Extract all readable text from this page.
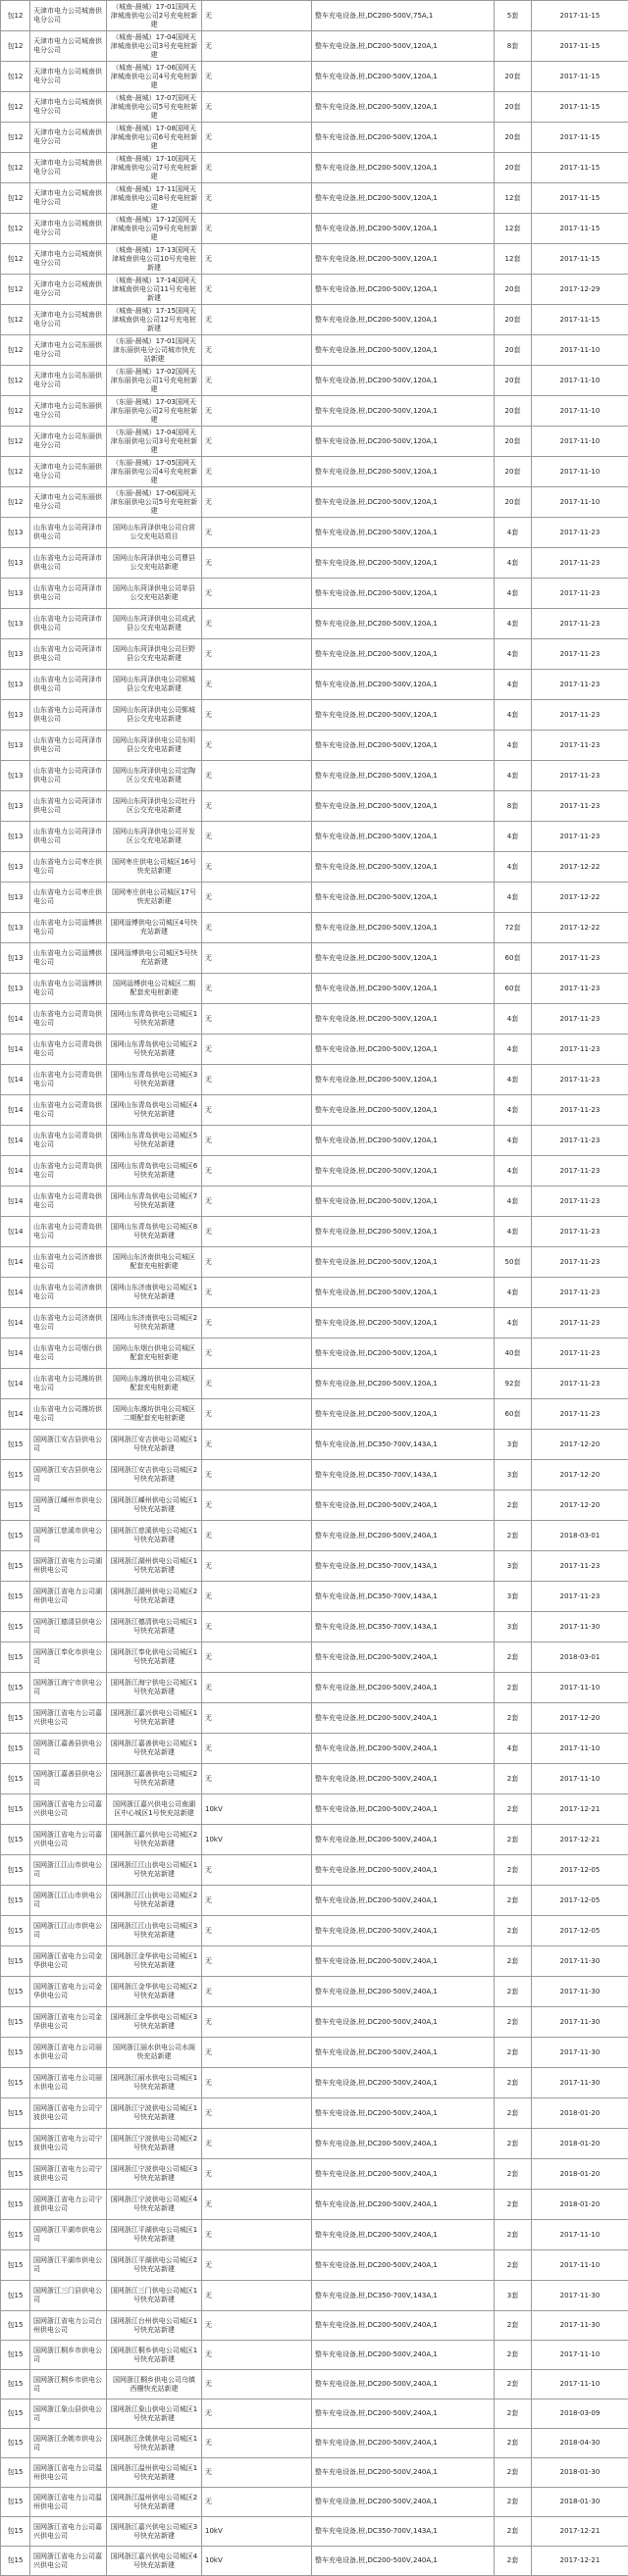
包12	天津市电力公司城南供电分公司	（城南-晨城）17-01国网天津城南供电公司2号充电桩新建	无	整车充电设备,桩,DC200-500V,75A,1	5套	2017-11-15
包12	天津市电力公司城南供电分公司	（城南-晨城）17-04国网天津城南供电公司3号充电桩新建	无	整车充电设备,桩,DC200-500V,120A,1	8套	2017-11-15
包12	天津市电力公司城南供电分公司	（城南-晨城）17-06国网天津城南供电公司4号充电桩新建	无	整车充电设备,桩,DC200-500V,120A,1	20套	2017-11-15
包12	天津市电力公司城南供电分公司	（城南-晨城）17-07国网天津城南供电公司5号充电桩新建	无	整车充电设备,桩,DC200-500V,120A,1	20套	2017-11-15
包12	天津市电力公司城南供电分公司	（城南-晨城）17-08国网天津城南供电公司6号充电桩新建	无	整车充电设备,桩,DC200-500V,120A,1	20套	2017-11-15
包12	天津市电力公司城南供电分公司	（城南-晨城）17-10国网天津城南供电公司7号充电桩新建	无	整车充电设备,桩,DC200-500V,120A,1	20套	2017-11-15
包12	天津市电力公司城南供电分公司	（城南-晨城）17-11国网天津城南供电公司8号充电桩新建	无	整车充电设备,桩,DC200-500V,120A,1	12套	2017-11-15
包12	天津市电力公司城南供电分公司	（城南-晨城）17-12国网天津城南供电公司9号充电桩新建	无	整车充电设备,桩,DC200-500V,120A,1	12套	2017-11-15
包12	天津市电力公司城南供电分公司	（城南-晨城）17-13国网天津城南供电公司10号充电桩新建	无	整车充电设备,桩,DC200-500V,120A,1	12套	2017-11-15
包12	天津市电力公司城南供电分公司	（城南-晨城）17-14国网天津城南供电公司11号充电桩新建	无	整车充电设备,桩,DC200-500V,120A,1	20套	2017-12-29
包12	天津市电力公司城南供电分公司	（城南-晨城）17-15国网天津城南供电公司12号充电桩新建	无	整车充电设备,桩,DC200-500V,120A,1	20套	2017-11-15
包12	天津市电力公司东丽供电分公司	（东丽-晨城）17-01国网天津东丽供电分公司城市快充站新建	无	整车充电设备,桩,DC200-500V,120A,1	20套	2017-11-10
包12	天津市电力公司东丽供电分公司	（东丽-晨城）17-02国网天津东丽供电公司1号充电桩新建	无	整车充电设备,桩,DC200-500V,120A,1	20套	2017-11-10
包12	天津市电力公司东丽供电分公司	（东丽-晨城）17-03国网天津东丽供电公司2号充电桩新建	无	整车充电设备,桩,DC200-500V,120A,1	20套	2017-11-10
包12	天津市电力公司东丽供电分公司	（东丽-晨城）17-04国网天津东丽供电公司3号充电桩新建	无	整车充电设备,桩,DC200-500V,120A,1	20套	2017-11-10
包12	天津市电力公司东丽供电分公司	（东丽-晨城）17-05国网天津东丽供电公司4号充电桩新建	无	整车充电设备,桩,DC200-500V,120A,1	20套	2017-11-10
包12	天津市电力公司东丽供电分公司	（东丽-晨城）17-06国网天津东丽供电公司5号充电桩新建	无	整车充电设备,桩,DC200-500V,120A,1	20套	2017-11-10
包13	山东省电力公司菏泽市供电公司	国网山东菏泽供电公司自营公交充电站项目	无	整车充电设备,桩,DC200-500V,120A,1	4套	2017-11-23
包13	山东省电力公司菏泽市供电公司	国网山东菏泽供电公司曹县公交充电站新建	无	整车充电设备,桩,DC200-500V,120A,1	4套	2017-11-23
包13	山东省电力公司菏泽市供电公司	国网山东菏泽供电公司单县公交充电站新建	无	整车充电设备,桩,DC200-500V,120A,1	4套	2017-11-23
包13	山东省电力公司菏泽市供电公司	国网山东菏泽供电公司成武县公交充电站新建	无	整车充电设备,桩,DC200-500V,120A,1	4套	2017-11-23
包13	山东省电力公司菏泽市供电公司	国网山东菏泽供电公司巨野县公交充电站新建	无	整车充电设备,桩,DC200-500V,120A,1	4套	2017-11-23
包13	山东省电力公司菏泽市供电公司	国网山东菏泽供电公司郓城县公交充电站新建	无	整车充电设备,桩,DC200-500V,120A,1	4套	2017-11-23
包13	山东省电力公司菏泽市供电公司	国网山东菏泽供电公司鄄城县公交充电站新建	无	整车充电设备,桩,DC200-500V,120A,1	4套	2017-11-23
包13	山东省电力公司菏泽市供电公司	国网山东菏泽供电公司东明县公交充电站新建	无	整车充电设备,桩,DC200-500V,120A,1	4套	2017-11-23
包13	山东省电力公司菏泽市供电公司	国网山东菏泽供电公司定陶区公交充电站新建	无	整车充电设备,桩,DC200-500V,120A,1	4套	2017-11-23
包13	山东省电力公司菏泽市供电公司	国网山东菏泽供电公司牡丹区公交充电站新建	无	整车充电设备,桩,DC200-500V,120A,1	8套	2017-11-23
包13	山东省电力公司菏泽市供电公司	国网山东菏泽供电公司开发区公交充电站新建	无	整车充电设备,桩,DC200-500V,120A,1	4套	2017-11-23
包13	山东省电力公司枣庄供电公司	国网枣庄供电公司城区16号快充站新建	无	整车充电设备,桩,DC200-500V,120A,1	4套	2017-12-22
包13	山东省电力公司枣庄供电公司	国网枣庄供电公司城区17号快充站新建	无	整车充电设备,桩,DC200-500V,120A,1	4套	2017-12-22
包13	山东省电力公司淄博供电公司	国网淄博供电公司城区4号快充站新建	无	整车充电设备,桩,DC200-500V,120A,1	72套	2017-12-22
包13	山东省电力公司淄博供电公司	国网淄博供电公司城区5号快充站新建	无	整车充电设备,桩,DC200-500V,120A,1	60套	2017-11-23
包13	山东省电力公司淄博供电公司	国网淄博供电公司城区二期配套充电桩新建	无	整车充电设备,桩,DC200-500V,120A,1	60套	2017-11-23
包14	山东省电力公司青岛供电公司	国网山东青岛供电公司城区1号快充站新建	无	整车充电设备,桩,DC200-500V,120A,1	4套	2017-11-23
包14	山东省电力公司青岛供电公司	国网山东青岛供电公司城区2号快充站新建	无	整车充电设备,桩,DC200-500V,120A,1	4套	2017-11-23
包14	山东省电力公司青岛供电公司	国网山东青岛供电公司城区3号快充站新建	无	整车充电设备,桩,DC200-500V,120A,1	4套	2017-11-23
包14	山东省电力公司青岛供电公司	国网山东青岛供电公司城区4号快充站新建	无	整车充电设备,桩,DC200-500V,120A,1	4套	2017-11-23
包14	山东省电力公司青岛供电公司	国网山东青岛供电公司城区5号快充站新建	无	整车充电设备,桩,DC200-500V,120A,1	4套	2017-11-23
包14	山东省电力公司青岛供电公司	国网山东青岛供电公司城区6号快充站新建	无	整车充电设备,桩,DC200-500V,120A,1	4套	2017-11-23
包14	山东省电力公司青岛供电公司	国网山东青岛供电公司城区7号快充站新建	无	整车充电设备,桩,DC200-500V,120A,1	4套	2017-11-23
包14	山东省电力公司青岛供电公司	国网山东青岛供电公司城区8号快充站新建	无	整车充电设备,桩,DC200-500V,120A,1	4套	2017-11-23
包14	山东省电力公司济南供电公司	国网山东济南供电公司城区配套充电桩新建	无	整车充电设备,桩,DC200-500V,120A,1	50套	2017-11-23
包14	山东省电力公司济南供电公司	国网山东济南供电公司城区1号快充站新建	无	整车充电设备,桩,DC200-500V,120A,1	4套	2017-11-23
包14	山东省电力公司济南供电公司	国网山东济南供电公司城区2号快充站新建	无	整车充电设备,桩,DC200-500V,120A,1	4套	2017-11-23
包14	山东省电力公司烟台供电公司	国网山东烟台供电公司城区配套充电桩新建	无	整车充电设备,桩,DC200-500V,120A,1	40套	2017-11-23
包14	山东省电力公司潍坊供电公司	国网山东潍坊供电公司城区配套充电桩新建	无	整车充电设备,桩,DC200-500V,120A,1	92套	2017-11-23
包14	山东省电力公司潍坊供电公司	国网山东潍坊供电公司城区二期配套充电桩新建	无	整车充电设备,桩,DC200-500V,120A,1	60套	2017-11-23
包15	国网浙江安吉县供电公司	国网浙江安吉供电公司城区1号快充站新建	无	整车充电设备,桩,DC350-700V,143A,1	3套	2017-12-20
包15	国网浙江安吉县供电公司	国网浙江安吉供电公司城区2号快充站新建	无	整车充电设备,桩,DC350-700V,143A,1	3套	2017-12-20
包15	国网浙江嵊州市供电公司	国网浙江嵊州供电公司城区1号快充站新建	无	整车充电设备,桩,DC200-500V,240A,1	2套	2017-12-20
包15	国网浙江慈溪市供电公司	国网浙江慈溪供电公司城区1号快充站新建	无	整车充电设备,桩,DC200-500V,240A,1	2套	2018-03-01
包15	国网浙江省电力公司湖州供电公司	国网浙江湖州供电公司城区1号快充站新建	无	整车充电设备,桩,DC350-700V,143A,1	3套	2017-11-23
包15	国网浙江省电力公司湖州供电公司	国网浙江湖州供电公司城区2号快充站新建	无	整车充电设备,桩,DC350-700V,143A,1	3套	2017-11-23
包15	国网浙江德清县供电公司	国网浙江德清供电公司城区1号快充站新建	无	整车充电设备,桩,DC350-700V,143A,1	3套	2017-11-30
包15	国网浙江奉化市供电公司	国网浙江奉化供电公司城区1号快充站新建	无	整车充电设备,桩,DC200-500V,240A,1	2套	2018-03-01
包15	国网浙江海宁市供电公司	国网浙江海宁供电公司城区1号快充站新建	无	整车充电设备,桩,DC200-500V,240A,1	2套	2017-11-10
包15	国网浙江省电力公司嘉兴供电公司	国网浙江嘉兴供电公司城区1号快充站新建	无	整车充电设备,桩,DC200-500V,240A,1	2套	2017-12-20
包15	国网浙江嘉善县供电公司	国网浙江嘉善供电公司城区1号快充站新建	无	整车充电设备,桩,DC200-500V,240A,1	4套	2017-11-10
包15	国网浙江嘉善县供电公司	国网浙江嘉善供电公司城区2号快充站新建	无	整车充电设备,桩,DC200-500V,240A,1	2套	2017-11-10
包15	国网浙江省电力公司嘉兴供电公司	国网浙江嘉兴供电公司南湖区中心城区1号快充站新建	10kV	整车充电设备,桩,DC200-500V,240A,1	2套	2017-12-21
包15	国网浙江省电力公司嘉兴供电公司	国网浙江嘉兴供电公司城区2号快充站新建	10kV	整车充电设备,桩,DC200-500V,240A,1	2套	2017-12-21
包15	国网浙江江山市供电公司	国网浙江江山供电公司城区1号快充站新建	无	整车充电设备,桩,DC200-500V,240A,1	2套	2017-12-05
包15	国网浙江江山市供电公司	国网浙江江山供电公司城区2号快充站新建	无	整车充电设备,桩,DC200-500V,240A,1	2套	2017-12-05
包15	国网浙江江山市供电公司	国网浙江江山供电公司城区3号快充站新建	无	整车充电设备,桩,DC200-500V,240A,1	2套	2017-12-05
包15	国网浙江省电力公司金华供电公司	国网浙江金华供电公司城区1号快充站新建	无	整车充电设备,桩,DC200-500V,240A,1	2套	2017-11-30
包15	国网浙江省电力公司金华供电公司	国网浙江金华供电公司城区2号快充站新建	无	整车充电设备,桩,DC200-500V,240A,1	2套	2017-11-30
包15	国网浙江省电力公司金华供电公司	国网浙江金华供电公司城区3号快充站新建	无	整车充电设备,桩,DC200-500V,240A,1	2套	2017-11-30
包15	国网浙江省电力公司丽水供电公司	国网浙江丽水供电公司水阁快充站新建	无	整车充电设备,桩,DC200-500V,240A,1	2套	2017-11-30
包15	国网浙江省电力公司丽水供电公司	国网浙江丽水供电公司城区1号快充站新建	无	整车充电设备,桩,DC200-500V,240A,1	2套	2017-11-30
包15	国网浙江省电力公司宁波供电公司	国网浙江宁波供电公司城区1号快充站新建	无	整车充电设备,桩,DC200-500V,240A,1	2套	2018-01-20
包15	国网浙江省电力公司宁波供电公司	国网浙江宁波供电公司城区2号快充站新建	无	整车充电设备,桩,DC200-500V,240A,1	2套	2018-01-20
包15	国网浙江省电力公司宁波供电公司	国网浙江宁波供电公司城区3号快充站新建	无	整车充电设备,桩,DC200-500V,240A,1	2套	2018-01-20
包15	国网浙江省电力公司宁波供电公司	国网浙江宁波供电公司城区4号快充站新建	无	整车充电设备,桩,DC200-500V,240A,1	2套	2018-01-20
包15	国网浙江平湖市供电公司	国网浙江平湖供电公司城区1号快充站新建	无	整车充电设备,桩,DC200-500V,240A,1	2套	2017-11-10
包15	国网浙江平湖市供电公司	国网浙江平湖供电公司城区2号快充站新建	无	整车充电设备,桩,DC200-500V,240A,1	2套	2017-11-10
包15	国网浙江三门县供电公司	国网浙江三门供电公司城区1号快充站新建	无	整车充电设备,桩,DC350-700V,143A,1	3套	2017-11-30
包15	国网浙江省电力公司台州供电公司	国网浙江台州供电公司城区1号快充站新建	无	整车充电设备,桩,DC200-500V,240A,1	2套	2017-11-30
包15	国网浙江桐乡市供电公司	国网浙江桐乡供电公司城区1号快充站新建	无	整车充电设备,桩,DC200-500V,240A,1	2套	2017-11-10
包15	国网浙江桐乡市供电公司	国网浙江桐乡供电公司乌镇西栅快充站新建	无	整车充电设备,桩,DC200-500V,240A,1	2套	2017-11-10
包15	国网浙江象山县供电公司	国网浙江象山供电公司城区1号快充站新建	无	整车充电设备,桩,DC200-500V,240A,1	2套	2018-03-09
包15	国网浙江余姚市供电公司	国网浙江余姚供电公司城区1号快充站新建	无	整车充电设备,桩,DC200-500V,240A,1	2套	2018-04-30
包15	国网浙江省电力公司温州供电公司	国网浙江温州供电公司城区1号快充站新建	无	整车充电设备,桩,DC200-500V,240A,1	2套	2018-01-30
包15	国网浙江省电力公司温州供电公司	国网浙江温州供电公司城区2号快充站新建	无	整车充电设备,桩,DC200-500V,240A,1	2套	2018-01-30
包15	国网浙江省电力公司嘉兴供电公司	国网浙江嘉兴供电公司城区3号快充站新建	10kV	整车充电设备,桩,DC350-700V,143A,1	2套	2017-12-21
包15	国网浙江省电力公司嘉兴供电公司	国网浙江嘉兴供电公司城区4号快充站新建	10kV	整车充电设备,桩,DC200-500V,240A,1	2套	2017-12-21
